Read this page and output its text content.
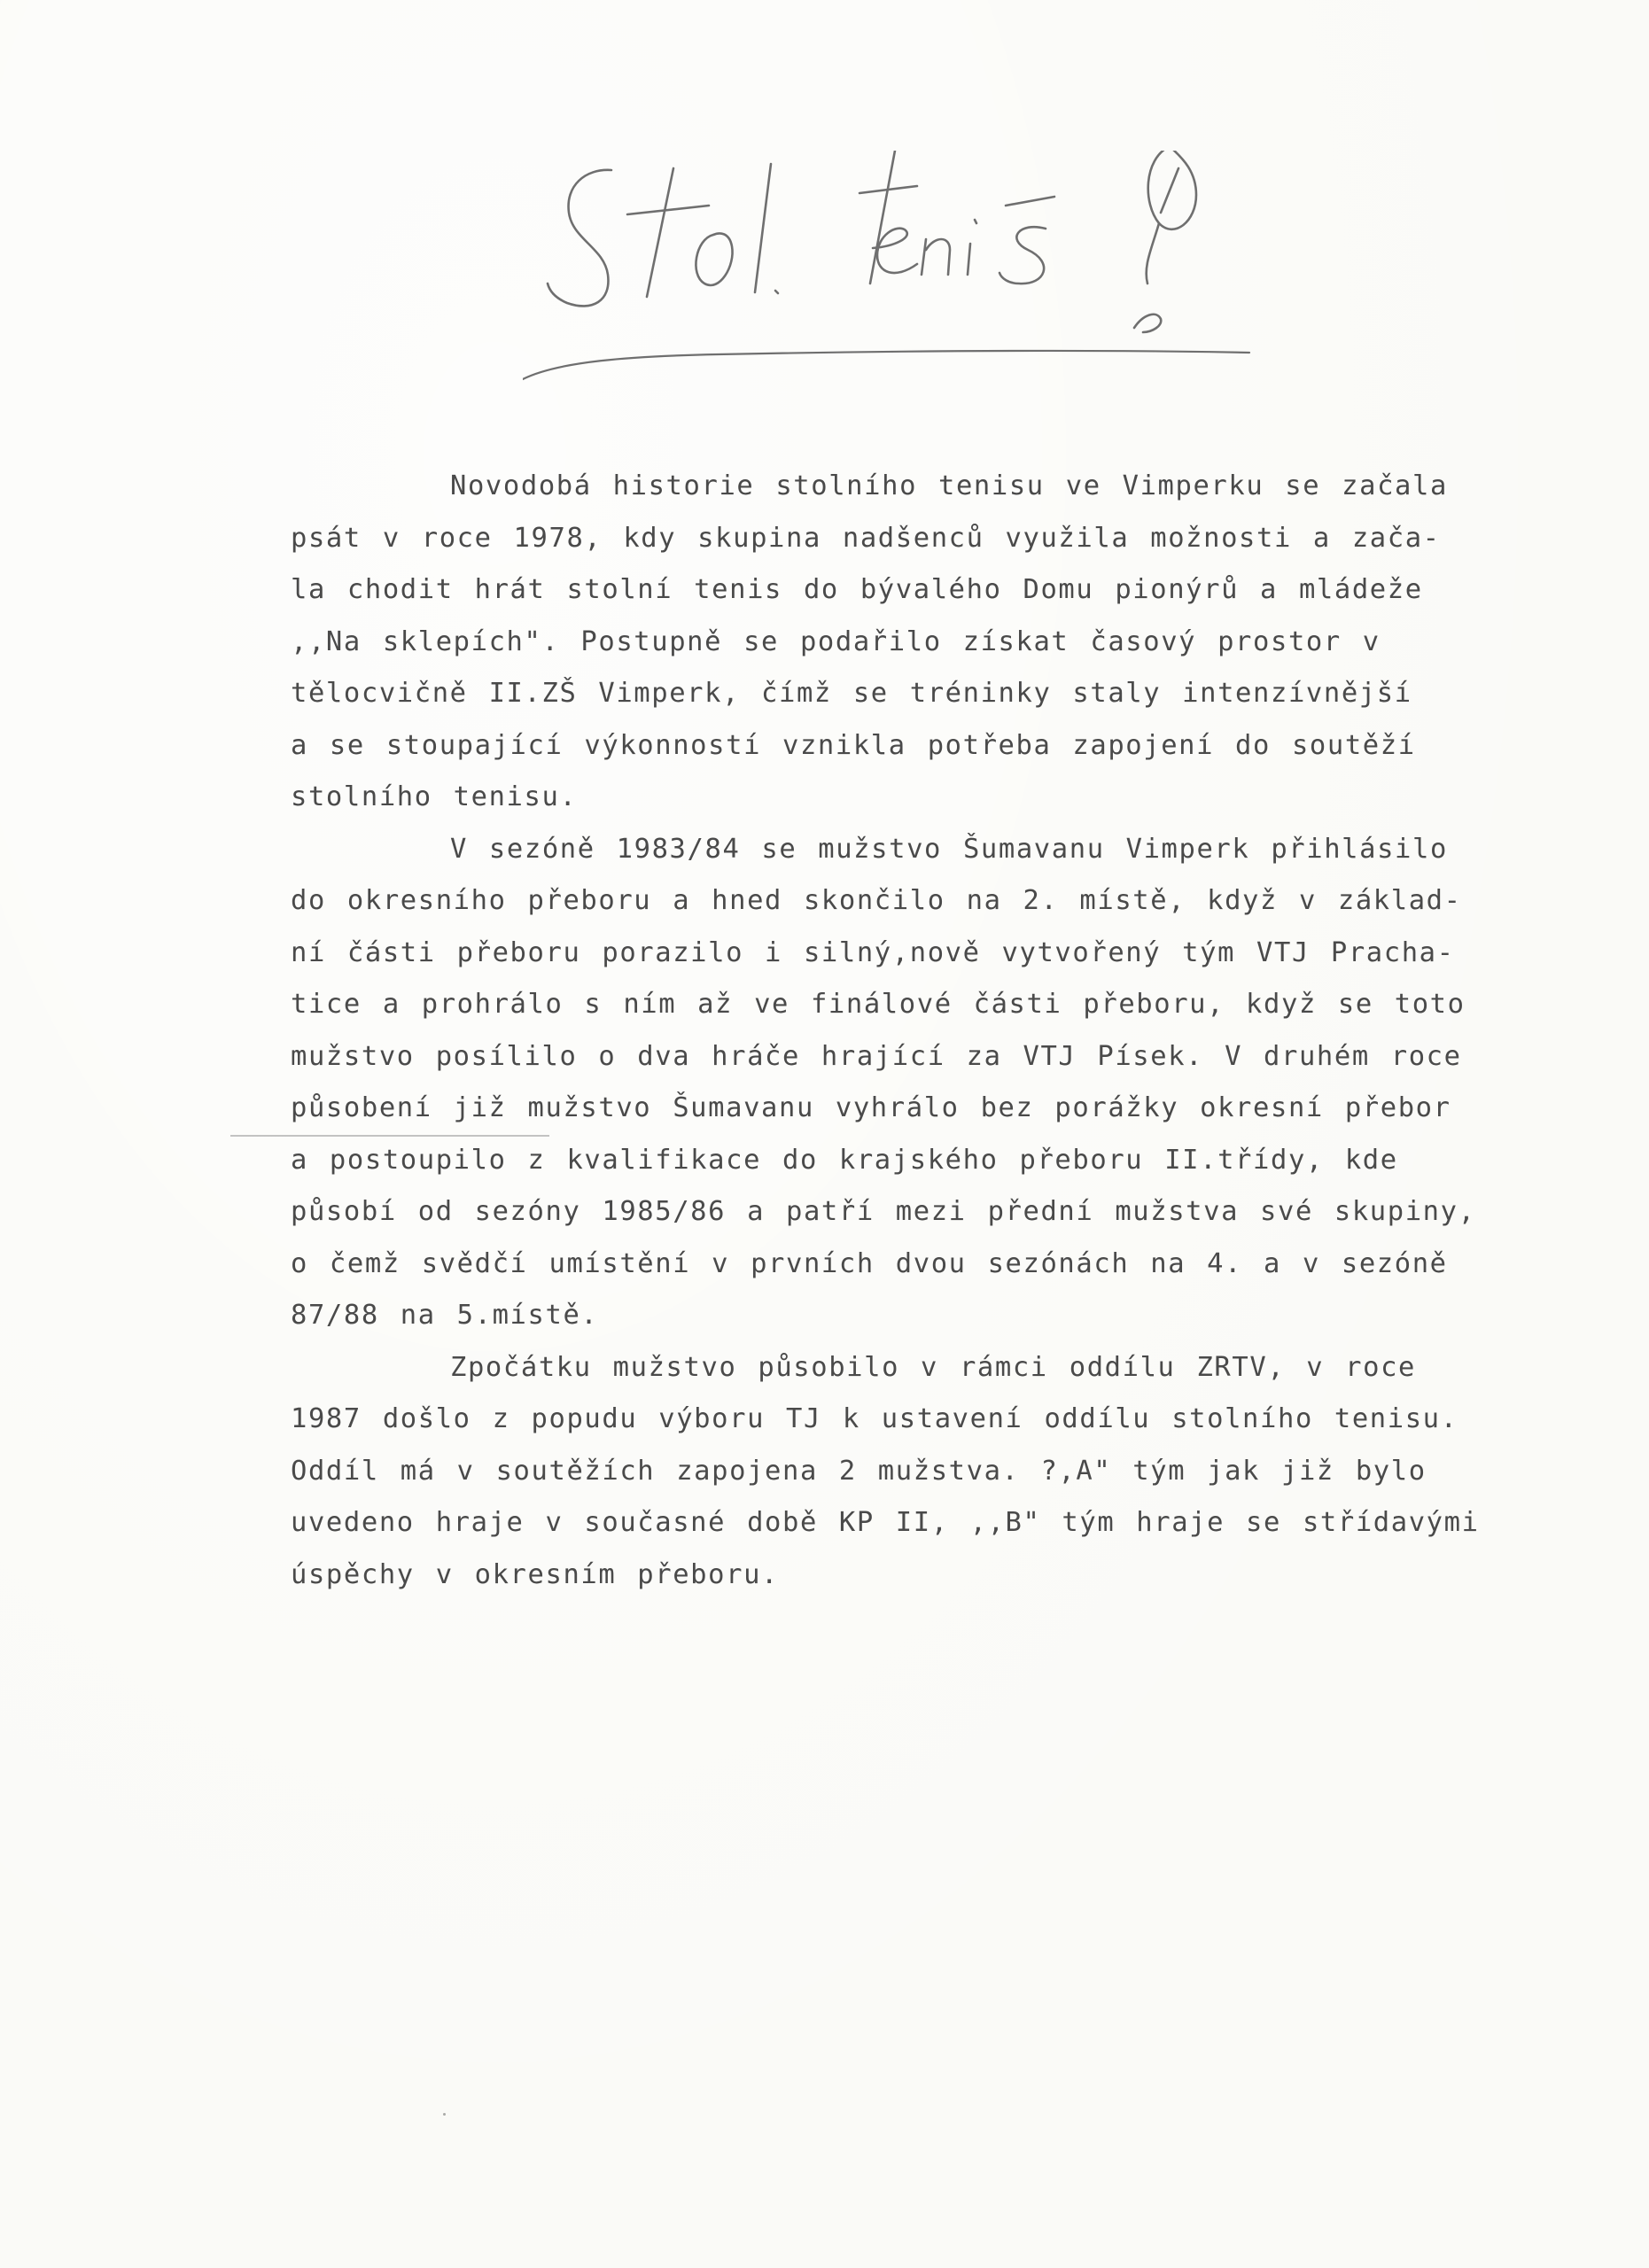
Novodobá historie stolního tenisu ve Vimperku se začala
psát v roce 1978, kdy skupina nadšenců využila možnosti a zača-
la chodit hrát stolní tenis do bývalého Domu pionýrů a mládeže
,,Na sklepích". Postupně se podařilo získat časový prostor v
tělocvičně II.ZŠ Vimperk, čímž se tréninky staly intenzívnější
a se stoupající výkonností vznikla potřeba zapojení do soutěží
stolního tenisu.
V sezóně 1983/84 se mužstvo Šumavanu Vimperk přihlásilo
do okresního přeboru a hned skončilo na 2. místě, když v základ-
ní části přeboru porazilo i silný,nově vytvořený tým VTJ Pracha-
tice a prohrálo s ním až ve finálové části přeboru, když se toto
mužstvo posílilo o dva hráče hrající za VTJ Písek. V druhém roce
působení již mužstvo Šumavanu vyhrálo bez porážky okresní přebor
a postoupilo z kvalifikace do krajského přeboru II.třídy, kde
působí od sezóny 1985/86 a patří mezi přední mužstva své skupiny,
o čemž svědčí umístění v prvních dvou sezónách na 4. a v sezóně
87/88 na 5.místě.
Zpočátku mužstvo působilo v rámci oddílu ZRTV, v roce
1987 došlo z popudu výboru TJ k ustavení oddílu stolního tenisu.
Oddíl má v soutěžích zapojena 2 mužstva. ?,A" tým jak již bylo
uvedeno hraje v současné době KP II, ,,B" tým hraje se střídavými
úspěchy v okresním přeboru.
